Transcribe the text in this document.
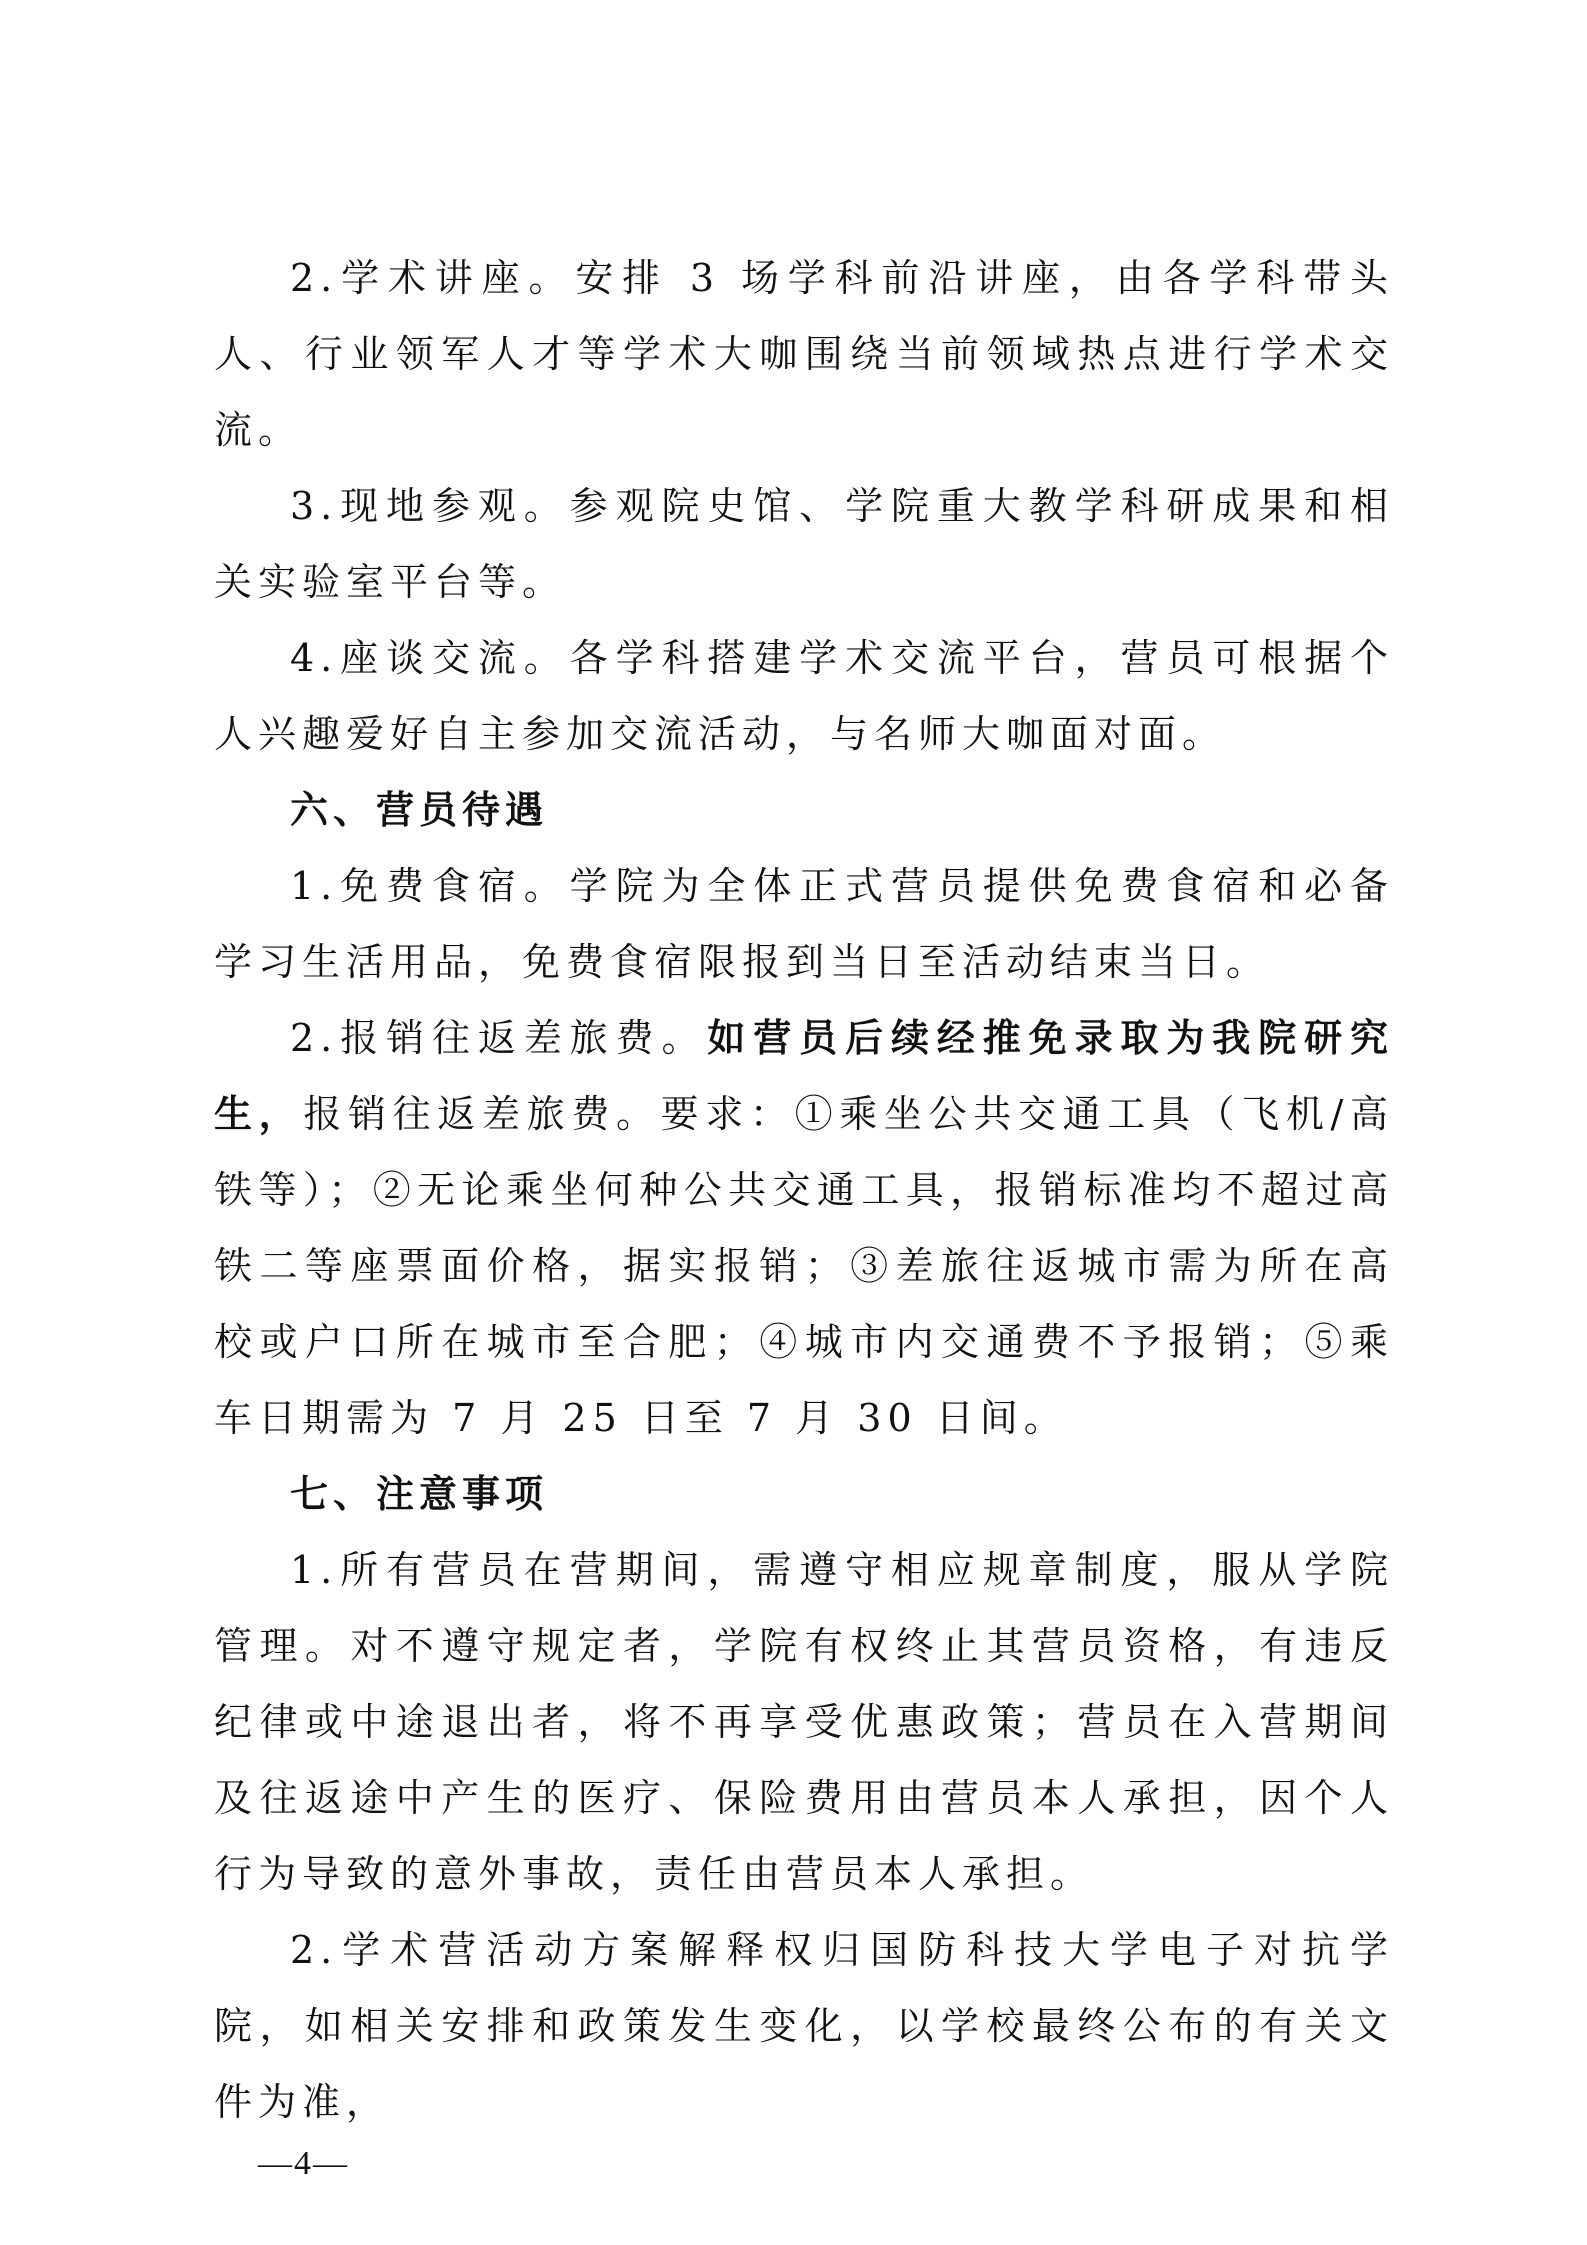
2.学术讲座。安排 3 场学科前沿讲座，由各学科带头人、行业领军人才等学术大咖围绕当前领域热点进行学术交流。

3.现地参观。参观院史馆、学院重大教学科研成果和相关实验室平台等。

4.座谈交流。各学科搭建学术交流平台，营员可根据个人兴趣爱好自主参加交流活动，与名师大咖面对面。

六、营员待遇

1.免费食宿。学院为全体正式营员提供免费食宿和必备学习生活用品，免费食宿限报到当日至活动结束当日。

2.报销往返差旅费。如营员后续经推免录取为我院研究生，报销往返差旅费。要求：①乘坐公共交通工具（飞机/高铁等）；②无论乘坐何种公共交通工具，报销标准均不超过高铁二等座票面价格，据实报销；③差旅往返城市需为所在高校或户口所在城市至合肥；④城市内交通费不予报销；⑤乘车日期需为 7 月 25 日至 7 月 30 日间。

七、注意事项

1.所有营员在营期间，需遵守相应规章制度，服从学院管理。对不遵守规定者，学院有权终止其营员资格，有违反纪律或中途退出者，将不再享受优惠政策；营员在入营期间及往返途中产生的医疗、保险费用由营员本人承担，因个人行为导致的意外事故，责任由营员本人承担。

2.学术营活动方案解释权归国防科技大学电子对抗学院，如相关安排和政策发生变化，以学校最终公布的有关文件为准，

—4—
